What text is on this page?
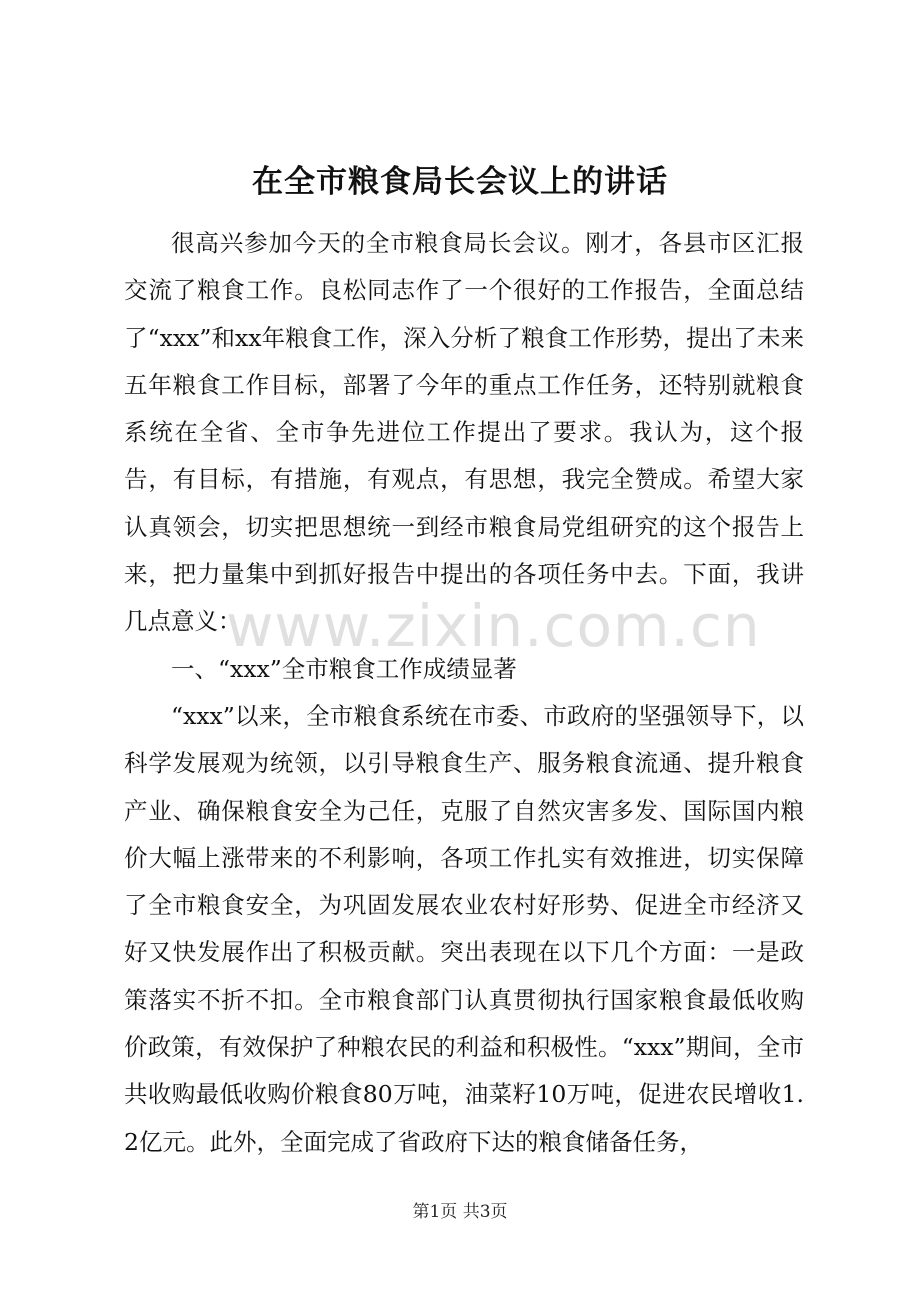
在全市粮食局长会议上的讲话

很高兴参加今天的全市粮食局长会议。刚才，各县市区汇报交流了粮食工作。良松同志作了一个很好的工作报告，全面总结了“xxx”和xx年粮食工作，深入分析了粮食工作形势，提出了未来五年粮食工作目标，部署了今年的重点工作任务，还特别就粮食系统在全省、全市争先进位工作提出了要求。我认为，这个报告，有目标，有措施，有观点，有思想，我完全赞成。希望大家认真领会，切实把思想统一到经市粮食局党组研究的这个报告上来，把力量集中到抓好报告中提出的各项任务中去。下面，我讲几点意义：

一、“xxx”全市粮食工作成绩显著

“xxx”以来，全市粮食系统在市委、市政府的坚强领导下，以科学发展观为统领，以引导粮食生产、服务粮食流通、提升粮食产业、确保粮食安全为己任，克服了自然灾害多发、国际国内粮价大幅上涨带来的不利影响，各项工作扎实有效推进，切实保障了全市粮食安全，为巩固发展农业农村好形势、促进全市经济又好又快发展作出了积极贡献。突出表现在以下几个方面：一是政策落实不折不扣。全市粮食部门认真贯彻执行国家粮食最低收购价政策，有效保护了种粮农民的利益和积极性。“xxx”期间，全市共收购最低收购价粮食80万吨，油菜籽10万吨，促进农民增收1.2亿元。此外，全面完成了省政府下达的粮食储备任务，

www.zixin.com.cn
第1页 共3页
